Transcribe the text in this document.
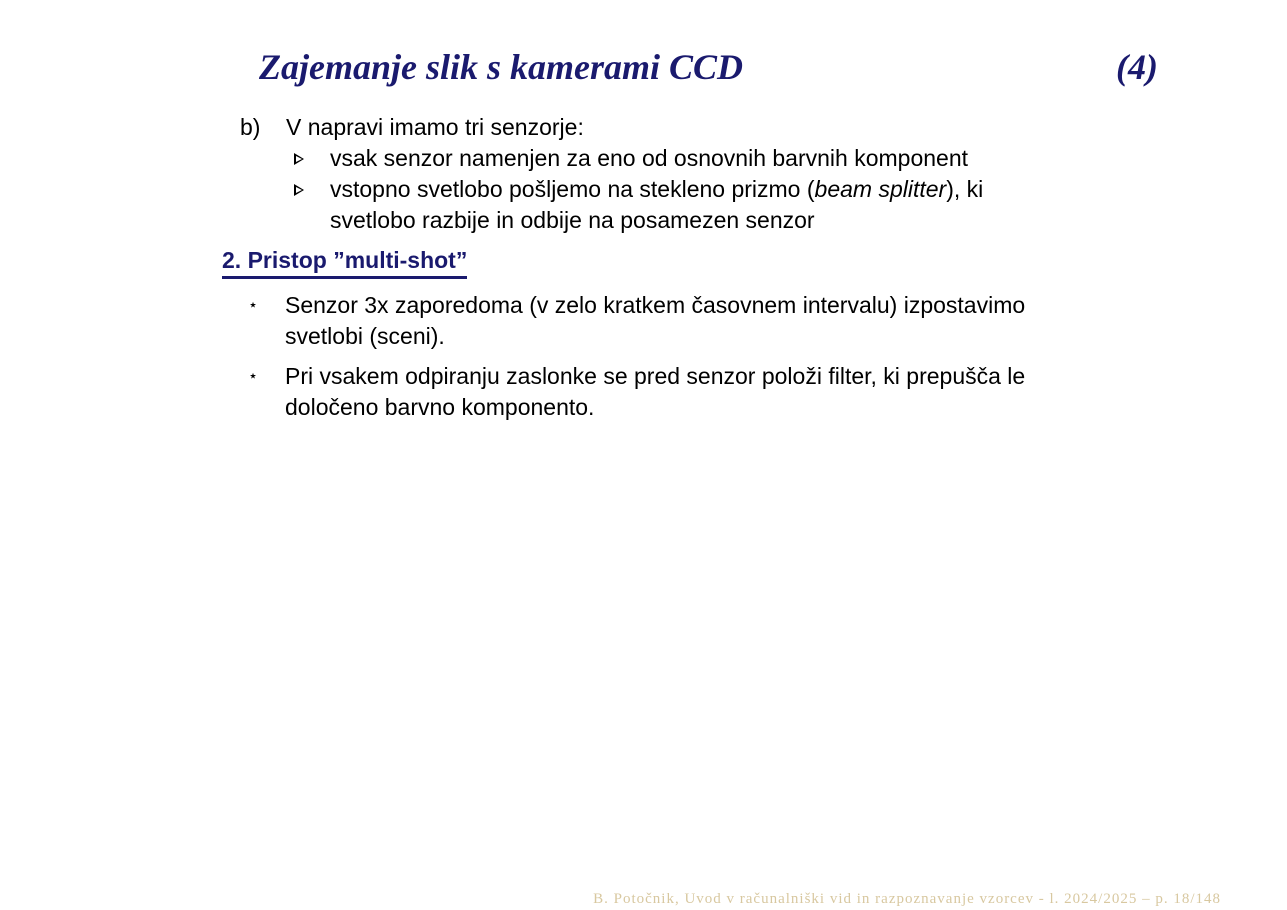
Zajemanje slik s kamerami CCD	(4)
b) V napravi imamo tri senzorje:
vsak senzor namenjen za eno od osnovnih barvnih komponent
vstopno svetlobo pošljemo na stekleno prizmo (beam splitter), ki
svetlobo razbije in odbije na posamezen senzor
2. Pristop ”multi-shot”
⋆ Senzor 3x zaporedoma (v zelo kratkem časovnem intervalu) izpostavimo
svetlobi (sceni).
⋆ Pri vsakem odpiranju zaslonke se pred senzor položi filter, ki prepušča le
določeno barvno komponento.
B. Potočnik, Uvod v računalniški vid in razpoznavanje vzorcev - l. 2024/2025 – p. 18/148
